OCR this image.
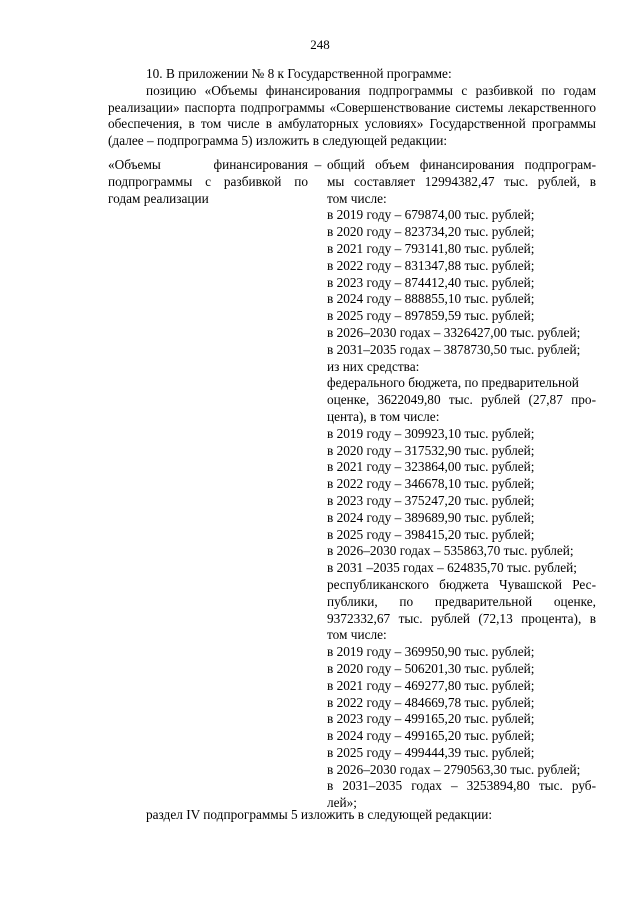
248

10. В приложении № 8 к Государственной программе:

позицию «Объемы финансирования подпрограммы с разбивкой по годам реализации» паспорта подпрограммы «Совершенствование системы лекарственного обеспечения, в том числе в амбулаторных условиях» Государственной программы (далее – подпрограмма 5) изложить в следующей редакции:

«Объемы финансирования подпрограммы с разбивкой по годам реализации
– общий объем финансирования подпрограм-
мы составляет 12994382,47 тыс. рублей, в
том числе:
в 2019 году – 679874,00 тыс. рублей;
в 2020 году – 823734,20 тыс. рублей;
в 2021 году – 793141,80 тыс. рублей;
в 2022 году – 831347,88 тыс. рублей;
в 2023 году – 874412,40 тыс. рублей;
в 2024 году – 888855,10 тыс. рублей;
в 2025 году – 897859,59 тыс. рублей;
в 2026–2030 годах – 3326427,00 тыс. рублей;
в 2031–2035 годах – 3878730,50 тыс. рублей;
из них средства:
федерального бюджета, по предварительной
оценке, 3622049,80 тыс. рублей (27,87 про-
цента), в том числе:
в 2019 году – 309923,10 тыс. рублей;
в 2020 году – 317532,90 тыс. рублей;
в 2021 году – 323864,00 тыс. рублей;
в 2022 году – 346678,10 тыс. рублей;
в 2023 году – 375247,20 тыс. рублей;
в 2024 году – 389689,90 тыс. рублей;
в 2025 году – 398415,20 тыс. рублей;
в 2026–2030 годах – 535863,70 тыс. рублей;
в 2031 –2035 годах – 624835,70 тыс. рублей;
республиканского бюджета Чувашской Рес-
публики, по предварительной оценке,
9372332,67 тыс. рублей (72,13 процента), в
том числе:
в 2019 году – 369950,90 тыс. рублей;
в 2020 году – 506201,30 тыс. рублей;
в 2021 году – 469277,80 тыс. рублей;
в 2022 году – 484669,78 тыс. рублей;
в 2023 году – 499165,20 тыс. рублей;
в 2024 году – 499165,20 тыс. рублей;
в 2025 году – 499444,39 тыс. рублей;
в 2026–2030 годах – 2790563,30 тыс. рублей;
в 2031–2035 годах – 3253894,80 тыс. руб-
лей»;
раздел IV подпрограммы 5 изложить в следующей редакции:
